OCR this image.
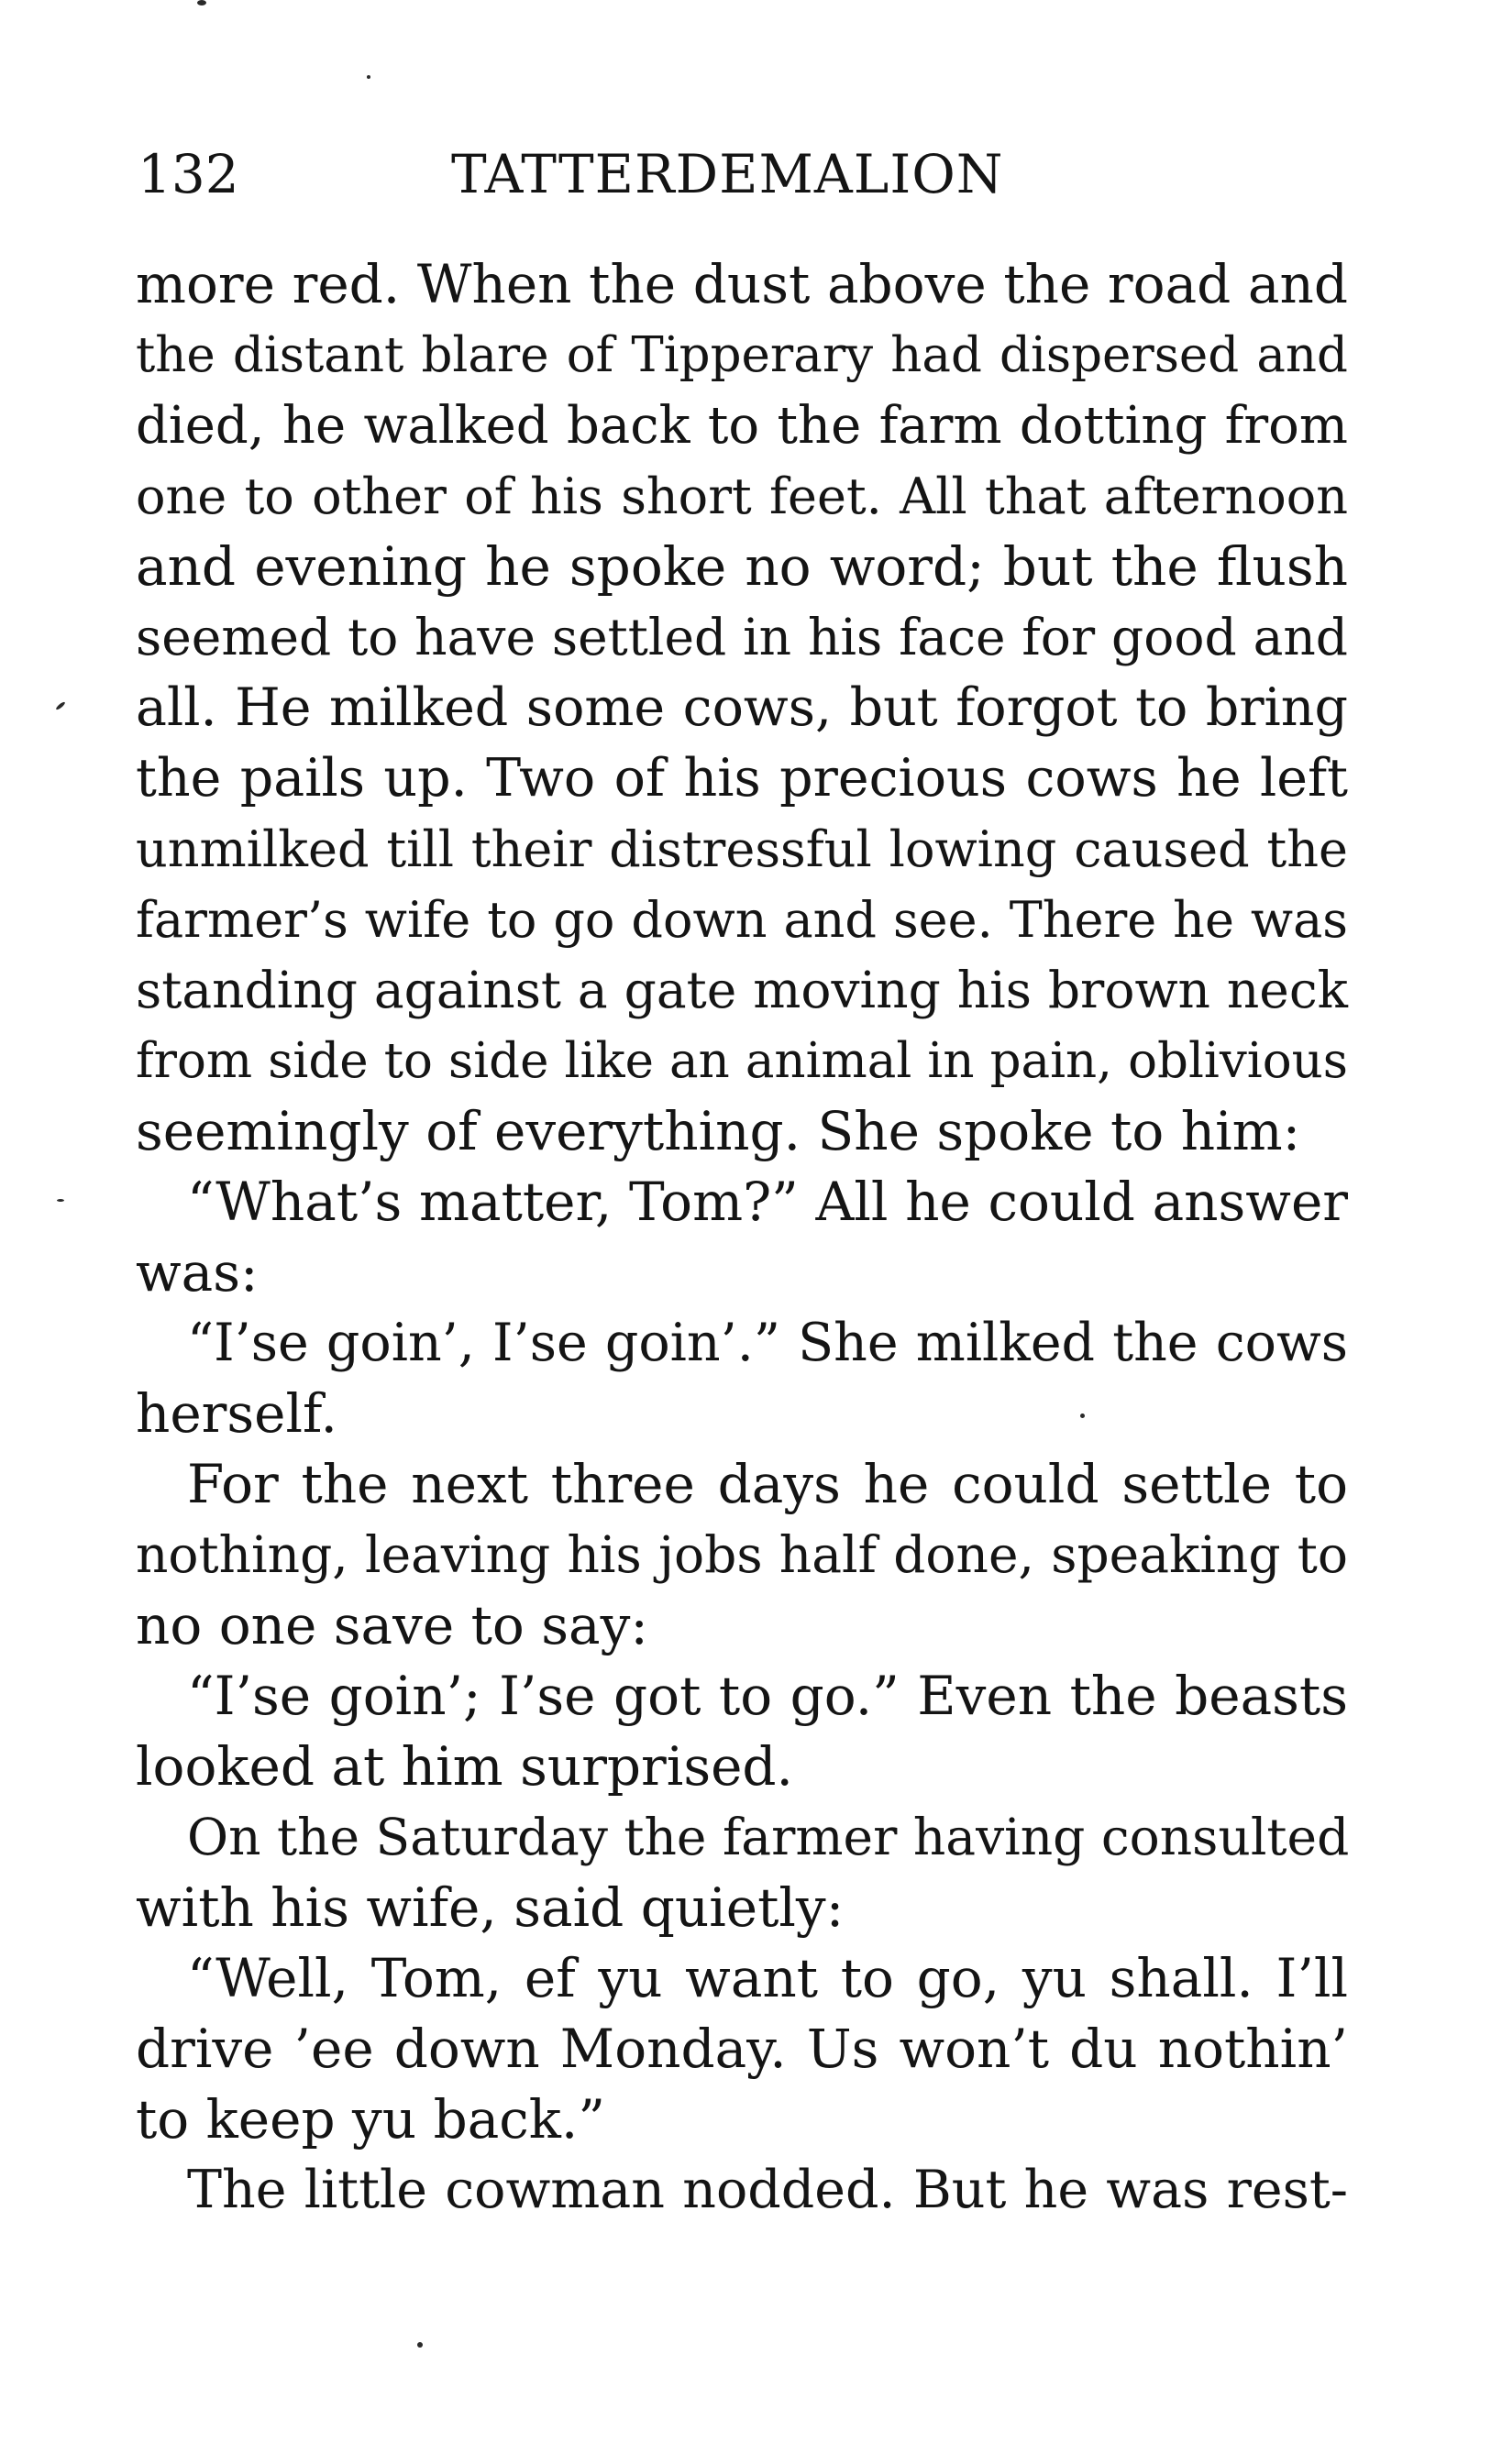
132	TATTERDEMALION
more red. When the dust above the road and
the distant blare of Tipperary had dispersed and
died, he walked back to the farm dotting from
one to other of his short feet. All that afternoon
and evening he spoke no word; but the flush
seemed to have settled in his face for good and
all. He milked some cows, but forgot to bring
the pails up. Two of his precious cows he left
unmilked till their distressful lowing caused the
farmer’s wife to go down and see. There he was
standing against a gate moving his brown neck
from side to side like an animal in pain, oblivious
seemingly of everything. She spoke to him:
“What’s matter, Tom?” All he could answer
was:
“I’se goin’, I’se goin’.” She milked the cows
herself.
For the next three days he could settle to
nothing, leaving his jobs half done, speaking to
no one save to say:
“I’se goin’; I’se got to go.” Even the beasts
looked at him surprised.
On the Saturday the farmer having consulted
with his wife, said quietly:
“Well, Tom, ef yu want to go, yu shall. I’ll
drive ’ee down Monday. Us won’t du nothin’
to keep yu back.”
The little cowman nodded. But he was rest-
